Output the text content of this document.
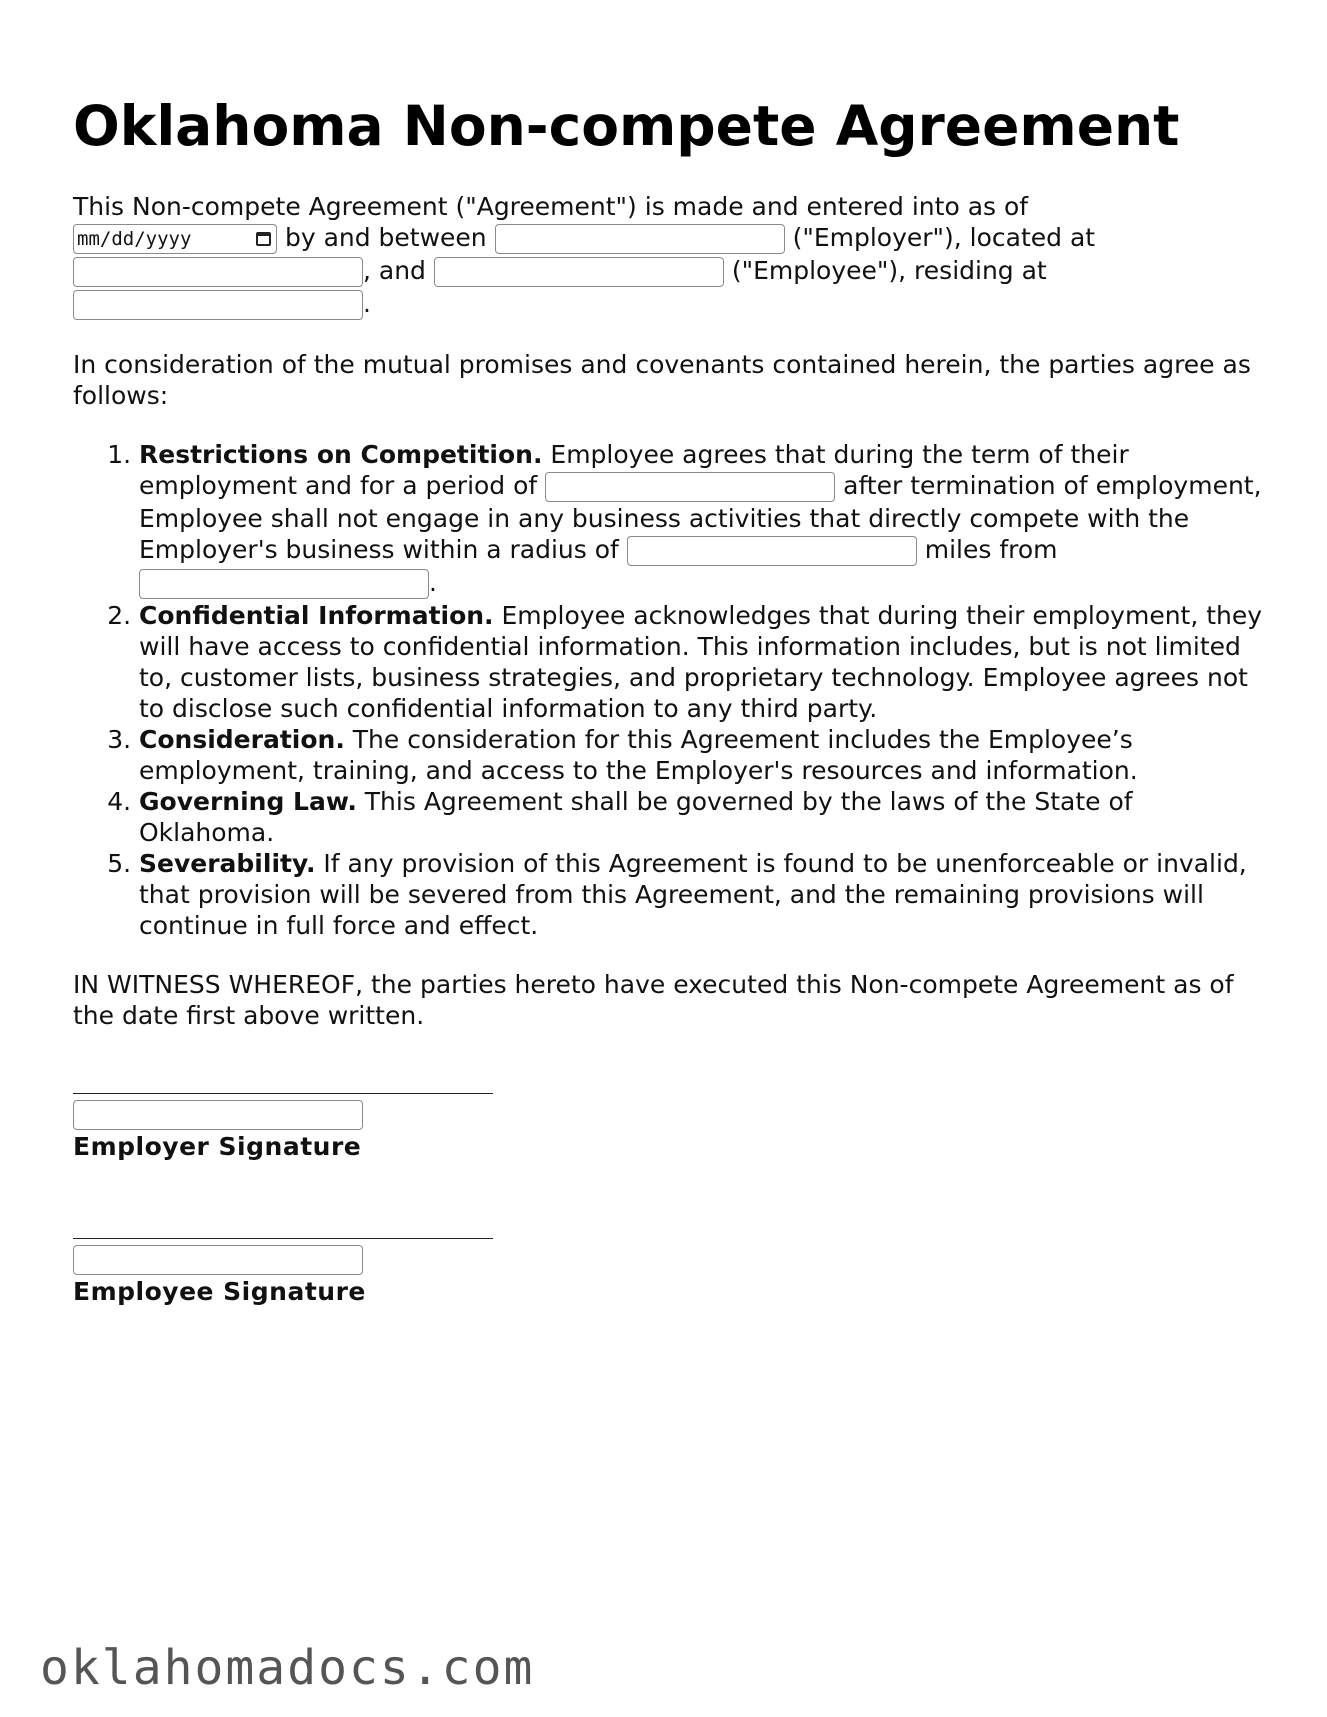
Oklahoma Non-compete Agreement

This Non-compete Agreement ("Agreement") is made and entered into as of

mm/dd/yyyy	by and between	("Employer"), located at
, and	("Employee"), residing at
.

In consideration of the mutual promises and covenants contained herein, the parties agree as follows:

1. Restrictions on Competition. Employee agrees that during the term of their employment and for a period of	after termination of employment, Employee shall not engage in any business activities that directly compete with the Employer's business within a radius of	miles from .
2. Confidential Information. Employee acknowledges that during their employment, they will have access to confidential information. This information includes, but is not limited to, customer lists, business strategies, and proprietary technology. Employee agrees not to disclose such confidential information to any third party.
3. Consideration. The consideration for this Agreement includes the Employee’s employment, training, and access to the Employer's resources and information.
4. Governing Law. This Agreement shall be governed by the laws of the State of Oklahoma.
5. Severability. If any provision of this Agreement is found to be unenforceable or invalid, that provision will be severed from this Agreement, and the remaining provisions will continue in full force and effect.

IN WITNESS WHEREOF, the parties hereto have executed this Non-compete Agreement as of the date first above written.

Employer Signature
Employee Signature
oklahomadocs.com
